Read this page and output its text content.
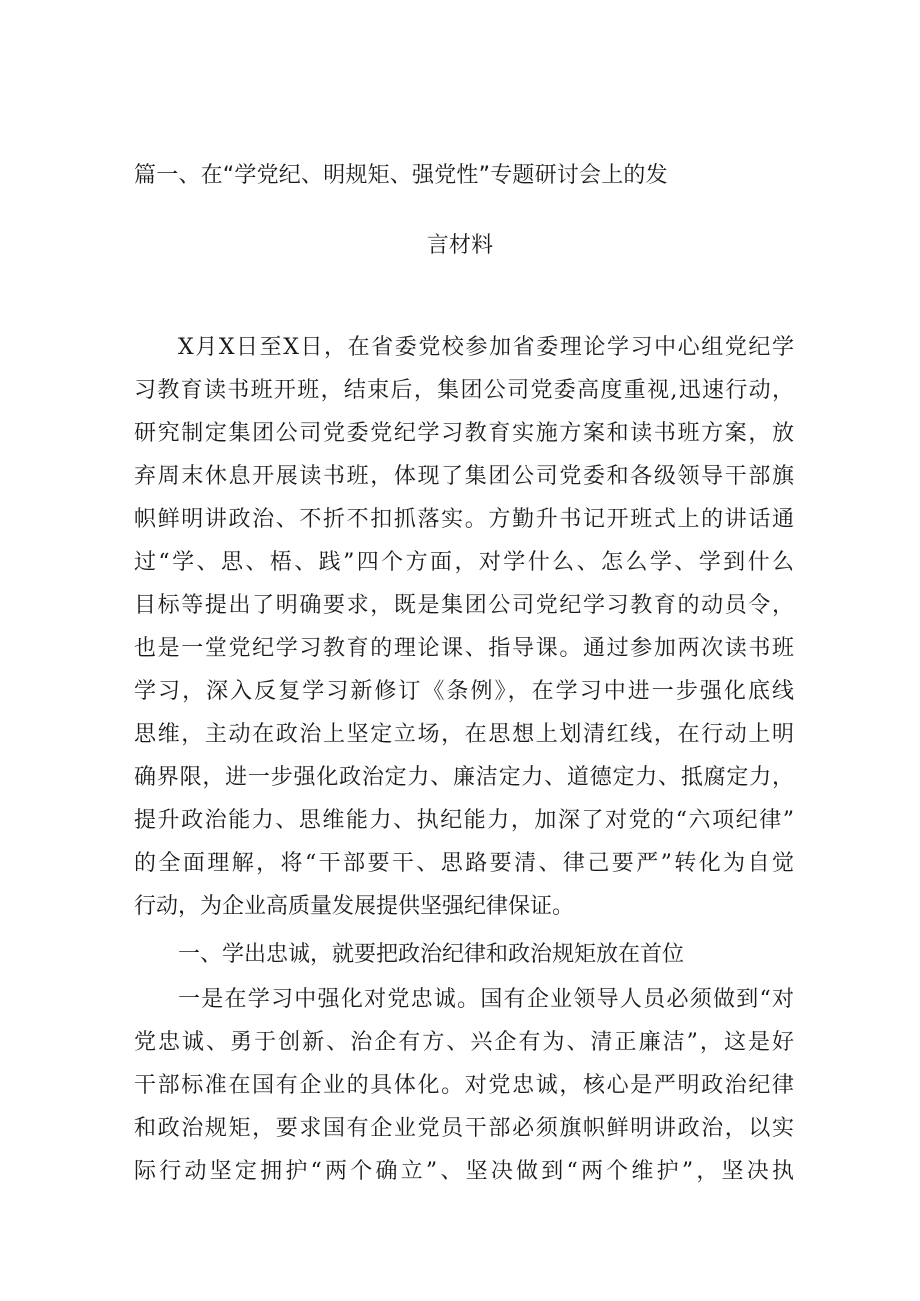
篇一、在“学党纪、明规矩、强党性”专题研讨会上的发
言材料
X月X日至X日，在省委党校参加省委理论学习中心组党纪学
习教育读书班开班，结束后，集团公司党委高度重视,迅速行动，
研究制定集团公司党委党纪学习教育实施方案和读书班方案，放
弃周末休息开展读书班，体现了集团公司党委和各级领导干部旗
帜鲜明讲政治、不折不扣抓落实。方勤升书记开班式上的讲话通
过“学、思、梧、践”四个方面，对学什么、怎么学、学到什么
目标等提出了明确要求，既是集团公司党纪学习教育的动员令，
也是一堂党纪学习教育的理论课、指导课。通过参加两次读书班
学习，深入反复学习新修订《条例》，在学习中进一步强化底线
思维，主动在政治上坚定立场，在思想上划清红线，在行动上明
确界限，进一步强化政治定力、廉洁定力、道德定力、抵腐定力，
提升政治能力、思维能力、执纪能力，加深了对党的“六项纪律”
的全面理解，将“干部要干、思路要清、律己要严”转化为自觉
行动，为企业高质量发展提供坚强纪律保证。
一、学出忠诚，就要把政治纪律和政治规矩放在首位
一是在学习中强化对党忠诚。国有企业领导人员必须做到“对
党忠诚、勇于创新、治企有方、兴企有为、清正廉洁”，这是好
干部标准在国有企业的具体化。对党忠诚，核心是严明政治纪律
和政治规矩，要求国有企业党员干部必须旗帜鲜明讲政治，以实
际行动坚定拥护“两个确立”、坚决做到“两个维护”，坚决执
